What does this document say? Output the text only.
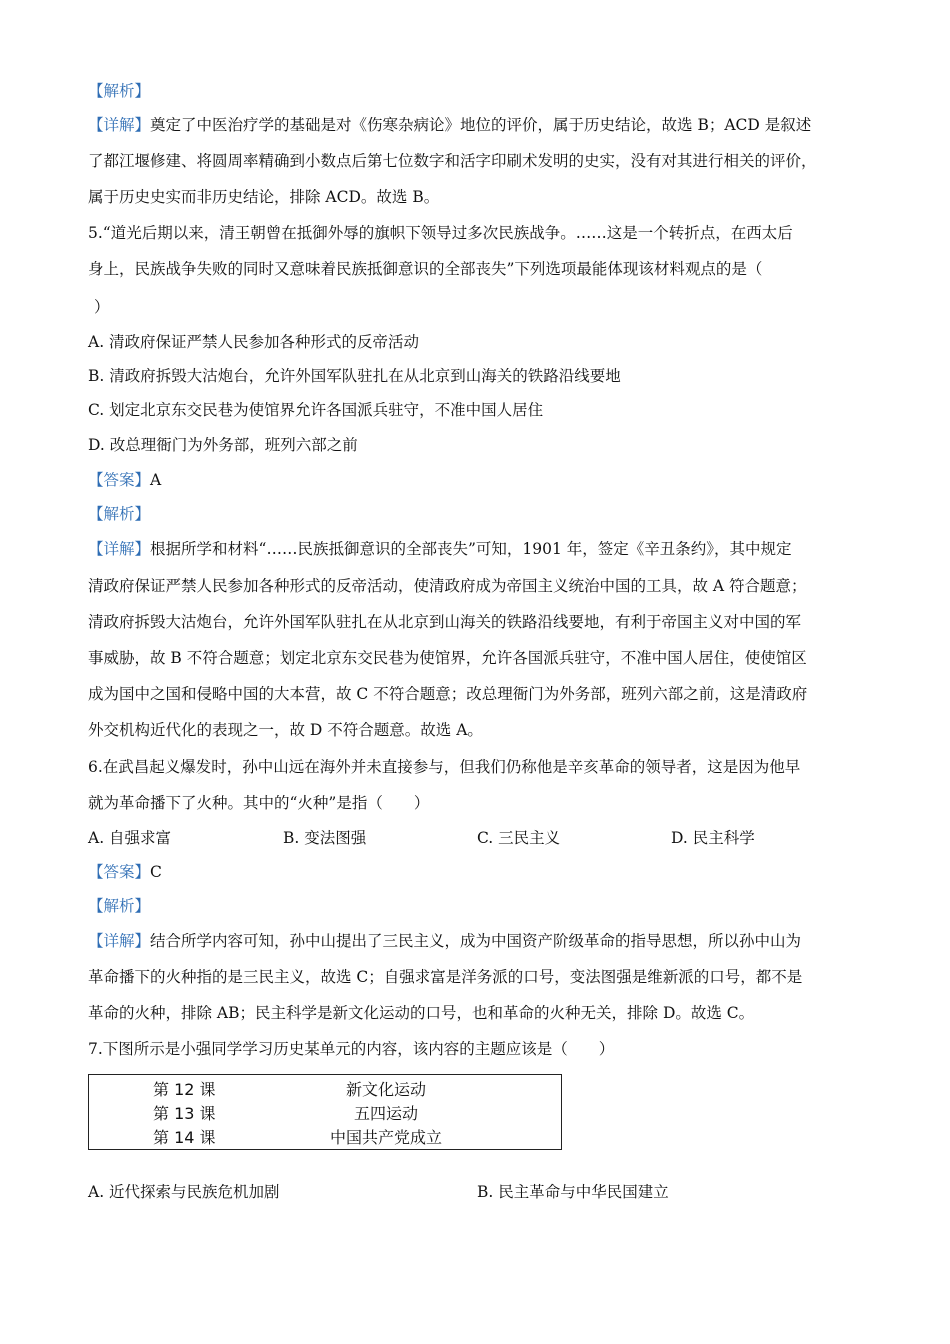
【解析】
【详解】奠定了中医治疗学的基础是对《伤寒杂病论》地位的评价，属于历史结论，故选 B；ACD 是叙述
了都江堰修建、将圆周率精确到小数点后第七位数字和活字印刷术发明的史实，没有对其进行相关的评价，
属于历史史实而非历史结论，排除 ACD。故选 B。
5.“道光后期以来，清王朝曾在抵御外辱的旗帜下领导过多次民族战争。……这是一个转折点，在西太后
身上，民族战争失败的同时又意味着民族抵御意识的全部丧失”下列选项最能体现该材料观点的是（
）
A. 清政府保证严禁人民参加各种形式的反帝活动
B. 清政府拆毁大沽炮台，允许外国军队驻扎在从北京到山海关的铁路沿线要地
C. 划定北京东交民巷为使馆界允许各国派兵驻守，不准中国人居住
D. 改总理衙门为外务部，班列六部之前
【答案】A
【解析】
【详解】根据所学和材料“……民族抵御意识的全部丧失”可知，1901 年，签定《辛丑条约》，其中规定
清政府保证严禁人民参加各种形式的反帝活动，使清政府成为帝国主义统治中国的工具，故 A 符合题意；
清政府拆毁大沽炮台，允许外国军队驻扎在从北京到山海关的铁路沿线要地，有利于帝国主义对中国的军
事威胁，故 B 不符合题意；划定北京东交民巷为使馆界，允许各国派兵驻守，不准中国人居住，使使馆区
成为国中之国和侵略中国的大本营，故 C 不符合题意；改总理衙门为外务部，班列六部之前，这是清政府
外交机构近代化的表现之一，故 D 不符合题意。故选 A。
6.在武昌起义爆发时，孙中山远在海外并未直接参与，但我们仍称他是辛亥革命的领导者，这是因为他早
就为革命播下了火种。其中的“火种”是指（　　）
A. 自强求富	B. 变法图强	C. 三民主义	D. 民主科学
【答案】C
【解析】
【详解】结合所学内容可知，孙中山提出了三民主义，成为中国资产阶级革命的指导思想，所以孙中山为
革命播下的火种指的是三民主义，故选 C；自强求富是洋务派的口号，变法图强是维新派的口号，都不是
革命的火种，排除 AB；民主科学是新文化运动的口号，也和革命的火种无关，排除 D。故选 C。
7.下图所示是小强同学学习历史某单元的内容，该内容的主题应该是（　　）
第 12 课	新文化运动
第 13 课	五四运动
第 14 课	中国共产党成立
A. 近代探索与民族危机加剧	B. 民主革命与中华民国建立
